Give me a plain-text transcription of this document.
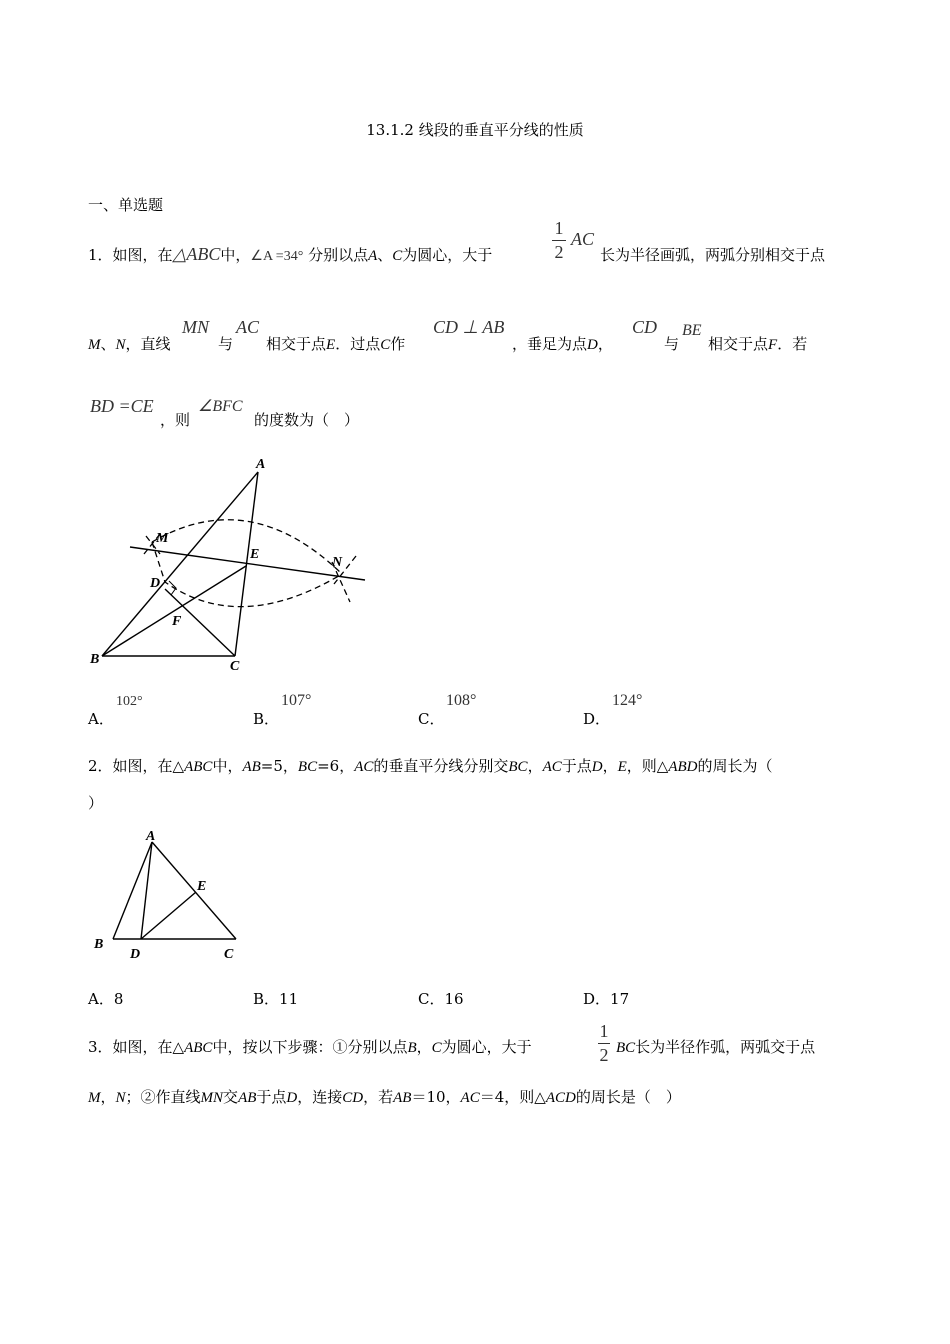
13.1.2 线段的垂直平分线的性质
一、单选题
1．如图，在△ABC中，∠A =34° 分别以点A、C为圆心，大于
1
2
AC
长为半径画弧，两弧分别相交于点
M、N，直线
MN
与
AC
相交于点E．过点C作
CD ⊥ AB
，垂足为点D，
CD
与
BE
相交于点F．若
BD =CE
，则
∠BFC
的度数为（　）
A
B	C
D
E
F
M
N
A．
102°
B．
107°
C．
108°
D．
124°
2．如图，在△ABC中，AB=5，BC=6，AC的垂直平分线分别交BC，AC于点D，E，则△ABD的周长为（
）
A
B
C
D
E
A．8	B．11	C．16	D．17
3．如图，在△ABC中，按以下步骤：①分别以点B，C为圆心，大于
1
2 BC长为半径作弧，两弧交于点
M，N；②作直线MN交AB于点D，连接CD，若AB＝10，AC＝4，则△ACD的周长是（　）
